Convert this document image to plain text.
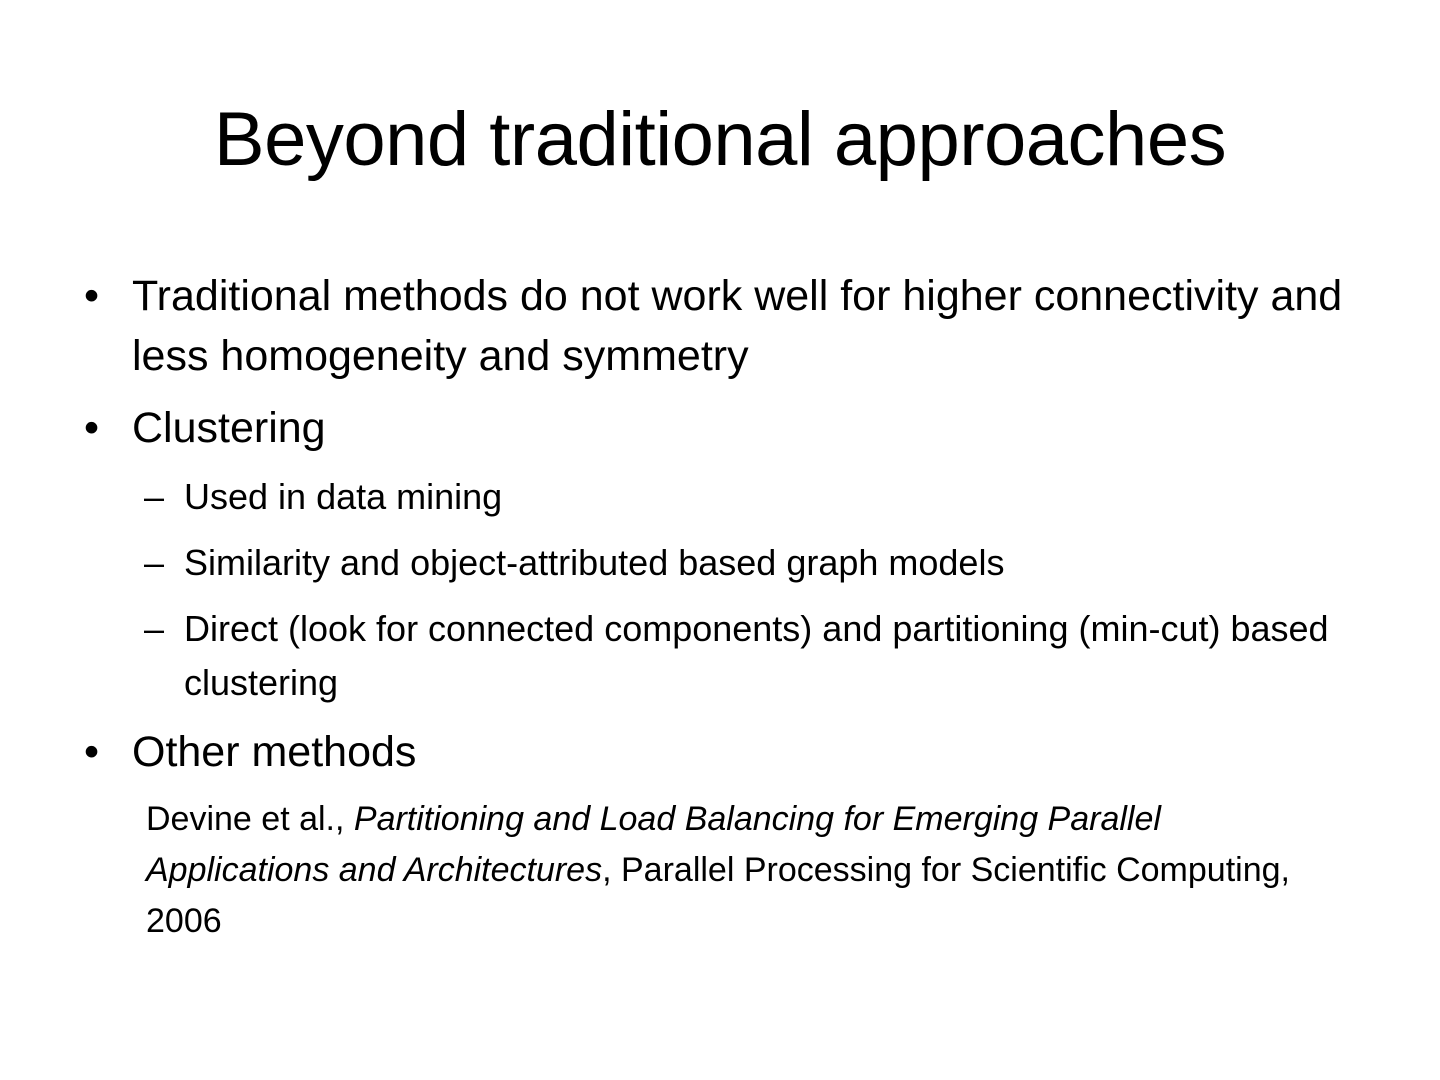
Beyond traditional approaches
• Traditional methods do not work well for higher connectivity and less homogeneity and symmetry
• Clustering
– Used in data mining
– Similarity and object-attributed based graph models
– Direct (look for connected components) and partitioning (min-cut) based clustering
• Other methods
Devine et al., Partitioning and Load Balancing for Emerging Parallel Applications and Architectures, Parallel Processing for Scientific Computing, 2006
